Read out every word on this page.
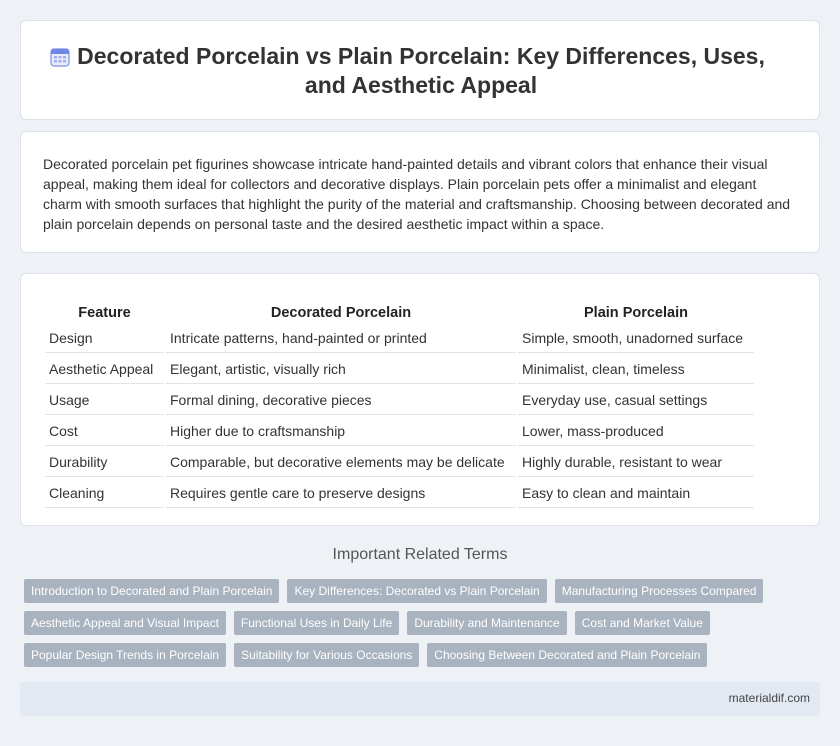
Decorated Porcelain vs Plain Porcelain: Key Differences, Uses, and Aesthetic Appeal

Decorated porcelain pet figurines showcase intricate hand-painted details and vibrant colors that enhance their visual appeal, making them ideal for collectors and decorative displays. Plain porcelain pets offer a minimalist and elegant charm with smooth surfaces that highlight the purity of the material and craftsmanship. Choosing between decorated and plain porcelain depends on personal taste and the desired aesthetic impact within a space.

Feature	Decorated Porcelain	Plain Porcelain
Design	Intricate patterns, hand-painted or printed	Simple, smooth, unadorned surface
Aesthetic Appeal	Elegant, artistic, visually rich	Minimalist, clean, timeless
Usage	Formal dining, decorative pieces	Everyday use, casual settings
Cost	Higher due to craftsmanship	Lower, mass-produced
Durability	Comparable, but decorative elements may be delicate	Highly durable, resistant to wear
Cleaning	Requires gentle care to preserve designs	Easy to clean and maintain
Important Related Terms
Introduction to Decorated and Plain Porcelain	Key Differences: Decorated vs Plain Porcelain	Manufacturing Processes Compared
Aesthetic Appeal and Visual Impact	Functional Uses in Daily Life	Durability and Maintenance	Cost and Market Value
Popular Design Trends in Porcelain	Suitability for Various Occasions	Choosing Between Decorated and Plain Porcelain
materialdif.com
